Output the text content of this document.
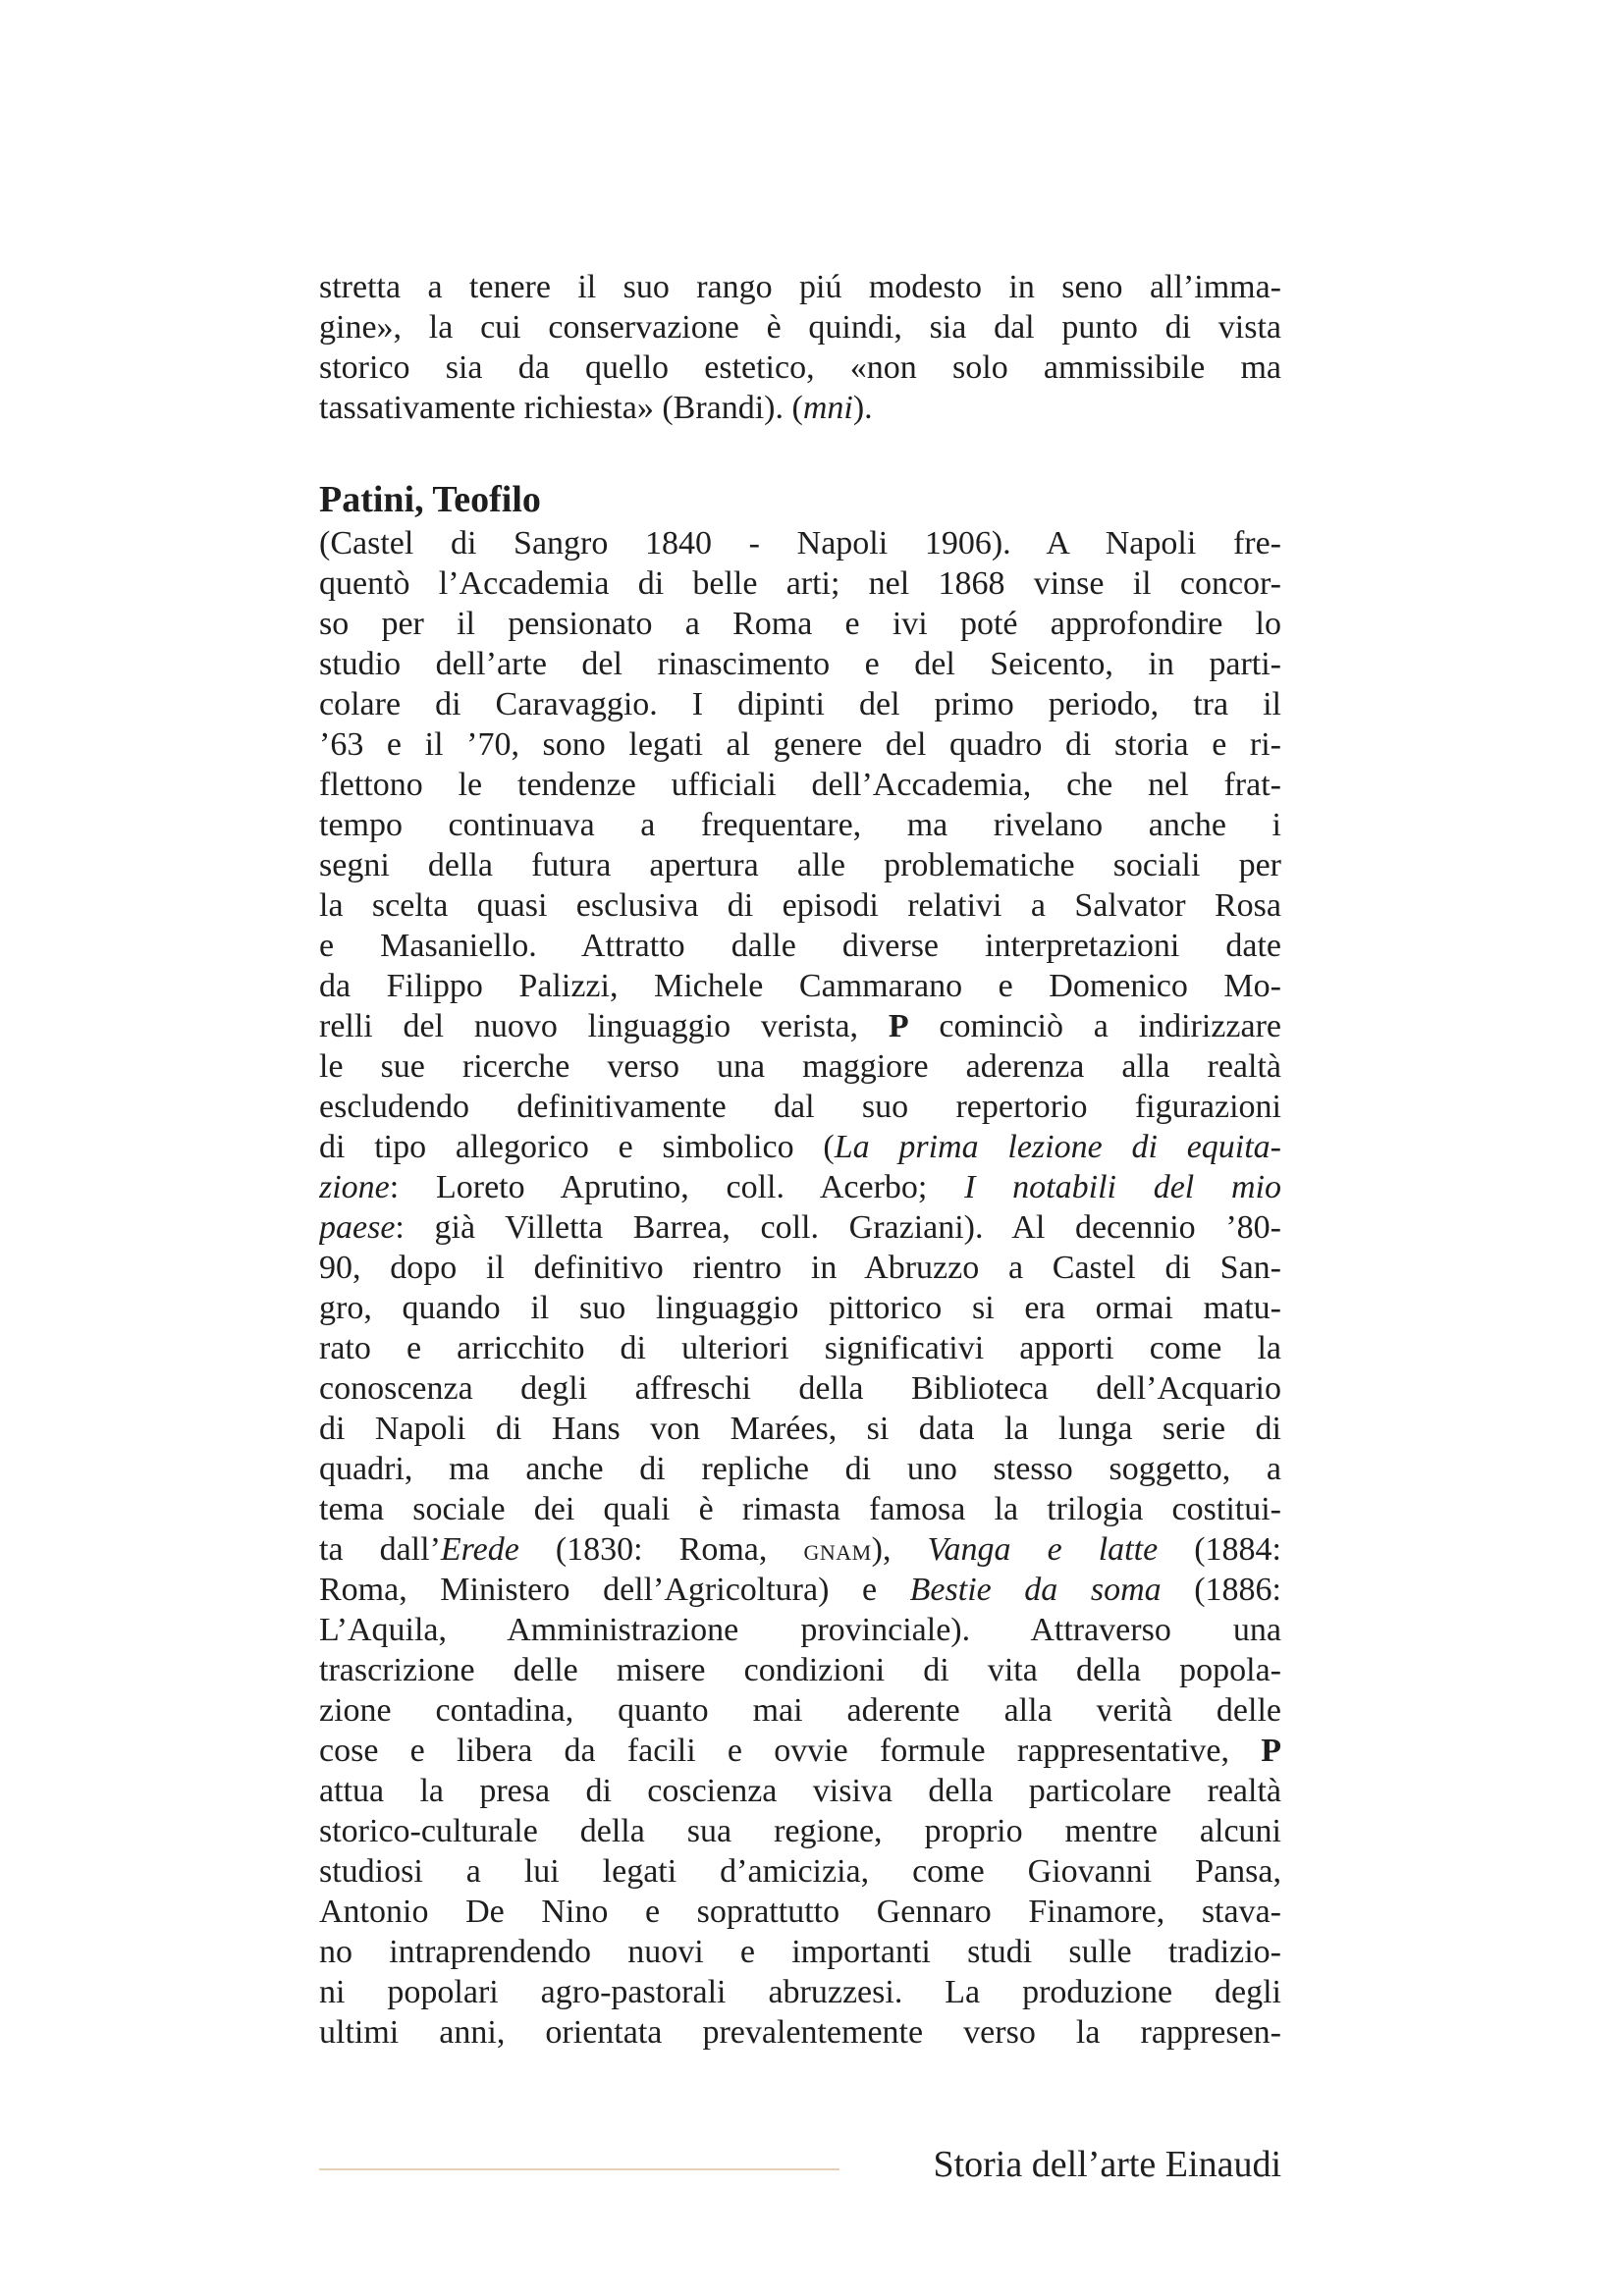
stretta a tenere il suo rango piú modesto in seno all’imma-
gine», la cui conservazione è quindi, sia dal punto di vista
storico sia da quello estetico, «non solo ammissibile ma
tassativamente richiesta» (Brandi). (mni).
Patini, Teofilo
(Castel di Sangro 1840 - Napoli 1906). A Napoli fre-
quentò l’Accademia di belle arti; nel 1868 vinse il concor-
so per il pensionato a Roma e ivi poté approfondire lo
studio dell’arte del rinascimento e del Seicento, in parti-
colare di Caravaggio. I dipinti del primo periodo, tra il
’63 e il ’70, sono legati al genere del quadro di storia e ri-
flettono le tendenze ufficiali dell’Accademia, che nel frat-
tempo continuava a frequentare, ma rivelano anche i
segni della futura apertura alle problematiche sociali per
la scelta quasi esclusiva di episodi relativi a Salvator Rosa
e Masaniello. Attratto dalle diverse interpretazioni date
da Filippo Palizzi, Michele Cammarano e Domenico Mo-
relli del nuovo linguaggio verista, P cominciò a indirizzare
le sue ricerche verso una maggiore aderenza alla realtà
escludendo definitivamente dal suo repertorio figurazioni
di tipo allegorico e simbolico (La prima lezione di equita-
zione: Loreto Aprutino, coll. Acerbo; I notabili del mio
paese: già Villetta Barrea, coll. Graziani). Al decennio ’80-
90, dopo il definitivo rientro in Abruzzo a Castel di San-
gro, quando il suo linguaggio pittorico si era ormai matu-
rato e arricchito di ulteriori significativi apporti come la
conoscenza degli affreschi della Biblioteca dell’Acquario
di Napoli di Hans von Marées, si data la lunga serie di
quadri, ma anche di repliche di uno stesso soggetto, a
tema sociale dei quali è rimasta famosa la trilogia costitui-
ta dall’Erede (1830: Roma, gnam), Vanga e latte (1884:
Roma, Ministero dell’Agricoltura) e Bestie da soma (1886:
L’Aquila, Amministrazione provinciale). Attraverso una
trascrizione delle misere condizioni di vita della popola-
zione contadina, quanto mai aderente alla verità delle
cose e libera da facili e ovvie formule rappresentative, P
attua la presa di coscienza visiva della particolare realtà
storico-culturale della sua regione, proprio mentre alcuni
studiosi a lui legati d’amicizia, come Giovanni Pansa,
Antonio De Nino e soprattutto Gennaro Finamore, stava-
no intraprendendo nuovi e importanti studi sulle tradizio-
ni popolari agro-pastorali abruzzesi. La produzione degli
ultimi anni, orientata prevalentemente verso la rappresen-
Storia dell’arte Einaudi
